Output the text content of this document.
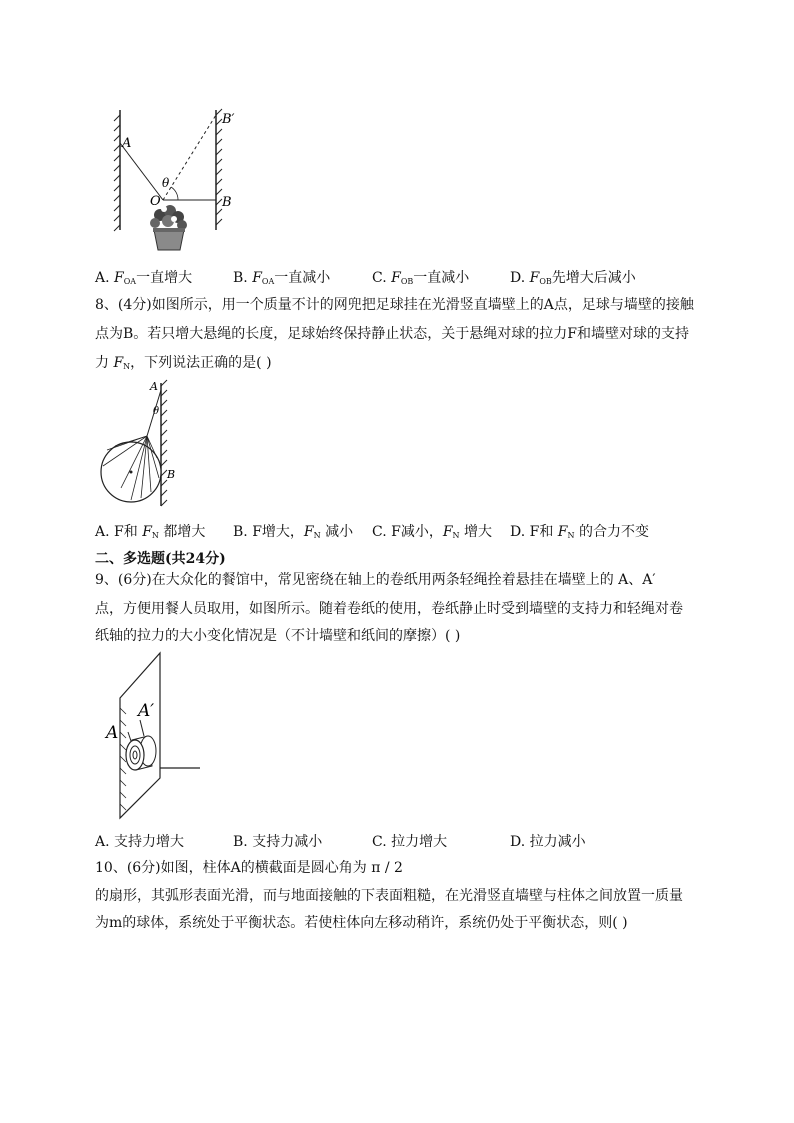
A
B′
B
O
θ
A. $F_{OA}$一直增大	B. $F_{OA}$一直减小	C. $F_{OB}$一直减小	D. $F_{OB}$先增大后减小
8、(4分)如图所示，用一个质量不计的网兜把足球挂在光滑竖直墙壁上的A点，足球与墙壁的接触
点为B。若只增大悬绳的长度，足球始终保持静止状态，关于悬绳对球的拉力F和墙壁对球的支持
力 $F_N$，下列说法正确的是( )
A
θ
B
A. F和 $F_N$ 都增大 B. F增大，$F_N$ 减小 C. F减小，$F_N$ 增大 D. F和 $F_N$ 的合力不变
二、多选题(共24分)
9、(6分)在大众化的餐馆中，常见密绕在轴上的卷纸用两条轻绳拴着悬挂在墙壁上的 A、A′
点，方便用餐人员取用，如图所示。随着卷纸的使用，卷纸静止时受到墙壁的支持力和轻绳对卷
纸轴的拉力的大小变化情况是（不计墙壁和纸间的摩擦）( )
A
A′
A. 支持力增大	B. 支持力减小	C. 拉力增大	D. 拉力减小
10、(6分)如图，柱体A的横截面是圆心角为 π / 2
的扇形，其弧形表面光滑，而与地面接触的下表面粗糙，在光滑竖直墙壁与柱体之间放置一质量
为m的球体，系统处于平衡状态。若使柱体向左移动稍许，系统仍处于平衡状态，则( )
